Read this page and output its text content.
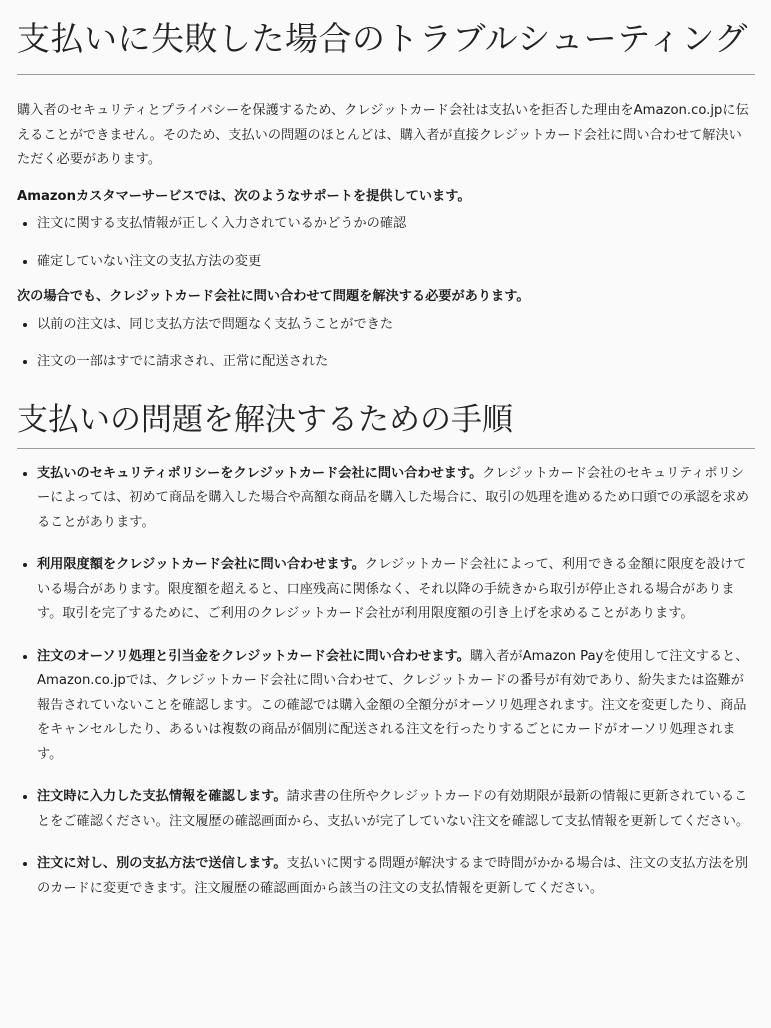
支払いに失敗した場合のトラブルシューティング

購入者のセキュリティとプライバシーを保護するため、クレジットカード会社は支払いを拒否した理由をAmazon.co.jpに伝えることができません。そのため、支払いの問題のほとんどは、購入者が直接クレジットカード会社に問い合わせて解決いただく必要があります。

Amazonカスタマーサービスでは、次のようなサポートを提供しています。

• 注文に関する支払情報が正しく入力されているかどうかの確認
• 確定していない注文の支払方法の変更

次の場合でも、クレジットカード会社に問い合わせて問題を解決する必要があります。

• 以前の注文は、同じ支払方法で問題なく支払うことができた
• 注文の一部はすでに請求され、正常に配送された
支払いの問題を解決するための手順
• 支払いのセキュリティポリシーをクレジットカード会社に問い合わせます。クレジットカード会社のセキュリティポリシーによっては、初めて商品を購入した場合や高額な商品を購入した場合に、取引の処理を進めるため口頭での承認を求めることがあります。
• 利用限度額をクレジットカード会社に問い合わせます。クレジットカード会社によって、利用できる金額に限度を設けている場合があります。限度額を超えると、口座残高に関係なく、それ以降の手続きから取引が停止される場合があります。取引を完了するために、ご利用のクレジットカード会社が利用限度額の引き上げを求めることがあります。
• 注文のオーソリ処理と引当金をクレジットカード会社に問い合わせます。購入者がAmazon Payを使用して注文すると、Amazon.co.jpでは、クレジットカード会社に問い合わせて、クレジットカードの番号が有効であり、紛失または盗難が報告されていないことを確認します。この確認では購入金額の全額分がオーソリ処理されます。注文を変更したり、商品をキャンセルしたり、あるいは複数の商品が個別に配送される注文を行ったりするごとにカードがオーソリ処理されます。
• 注文時に入力した支払情報を確認します。請求書の住所やクレジットカードの有効期限が最新の情報に更新されていることをご確認ください。注文履歴の確認画面から、支払いが完了していない注文を確認して支払情報を更新してください。
• 注文に対し、別の支払方法で送信します。支払いに関する問題が解決するまで時間がかかる場合は、注文の支払方法を別のカードに変更できます。注文履歴の確認画面から該当の注文の支払情報を更新してください。
